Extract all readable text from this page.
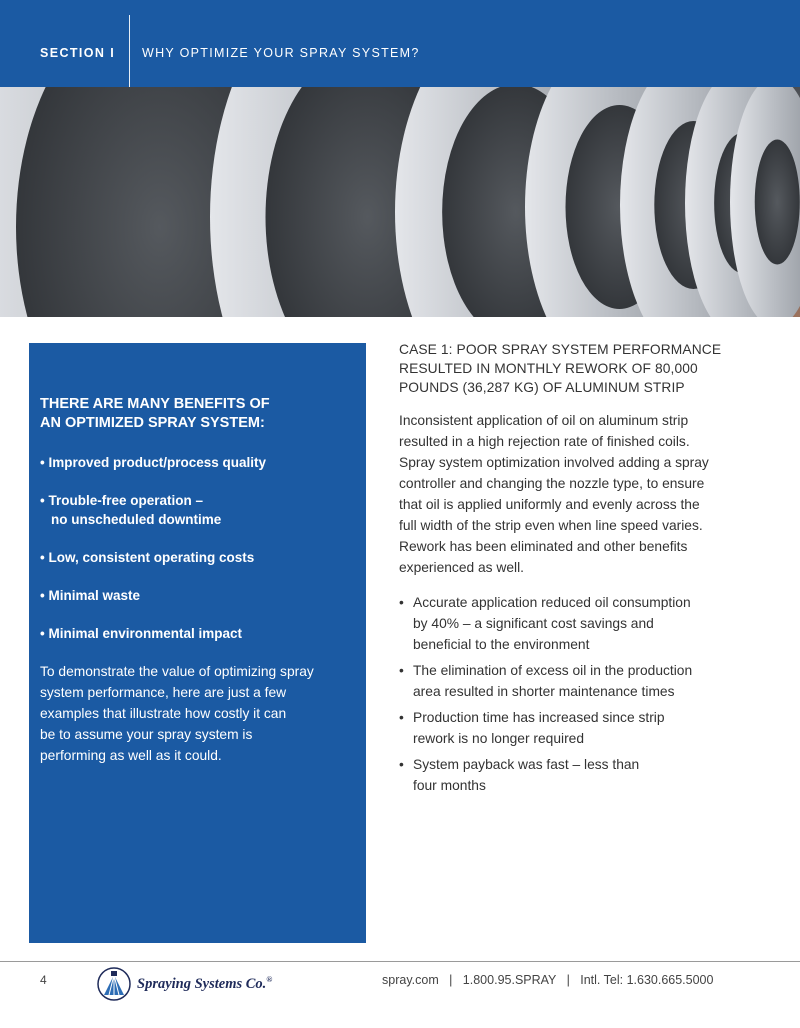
SECTION I WHY OPTIMIZE YOUR SPRAY SYSTEM?
THERE ARE MANY BENEFITS OF
AN OPTIMIZED SPRAY SYSTEM:
• Improved product/process quality
• Trouble-free operation –
no unscheduled downtime
• Low, consistent operating costs
• Minimal waste
• Minimal environmental impact
To demonstrate the value of optimizing spray
system performance, here are just a few
examples that illustrate how costly it can
be to assume your spray system is
performing as well as it could.
CASE 1: POOR SPRAY SYSTEM PERFORMANCE
RESULTED IN MONTHLY REWORK OF 80,000
POUNDS (36,287 KG) OF ALUMINUM STRIP
Inconsistent application of oil on aluminum strip
resulted in a high rejection rate of finished coils.
Spray system optimization involved adding a spray
controller and changing the nozzle type, to ensure
that oil is applied uniformly and evenly across the
full width of the strip even when line speed varies.
Rework has been eliminated and other benefits
experienced as well.
• Accurate application reduced oil consumption
by 40% – a significant cost savings and
beneficial to the environment
• The elimination of excess oil in the production
area resulted in shorter maintenance times
• Production time has increased since strip
rework is no longer required
• System payback was fast – less than
four months
4	Spraying Systems Co.®	spray.com   |   1.800.95.SPRAY   |   Intl. Tel: 1.630.665.5000
